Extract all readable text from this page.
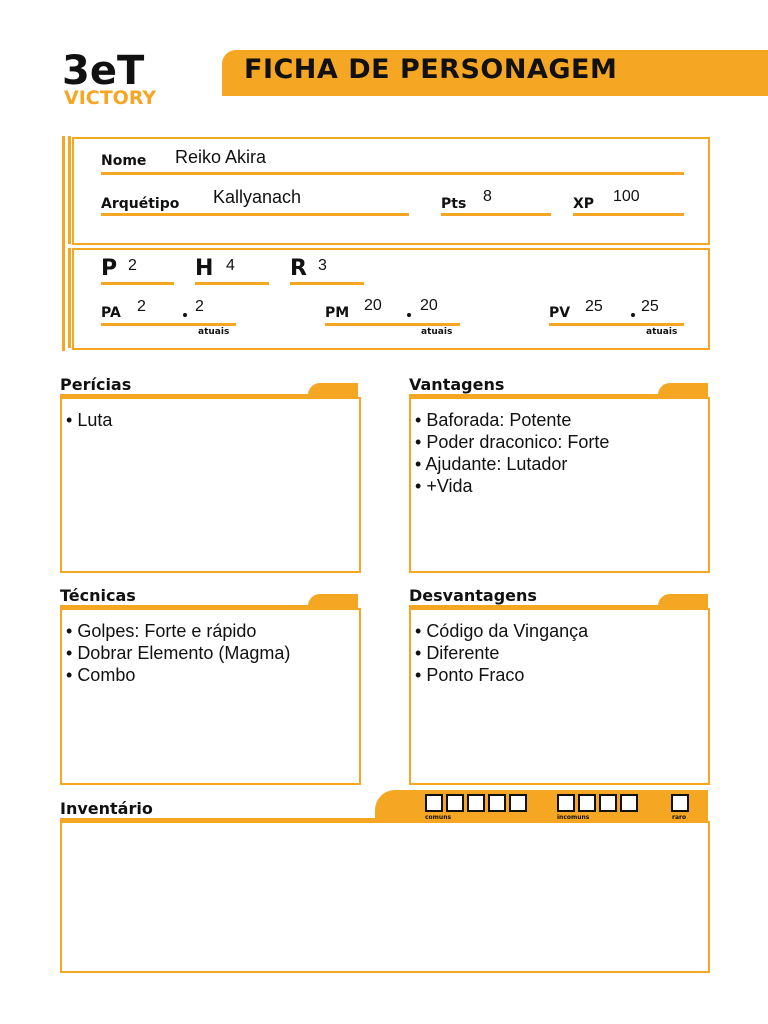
3eT
VICTORY
FICHA DE PERSONAGEM
Nome Reiko Akira
Arquétipo Kallyanach	Pts 8	XP 100
P 2	H 4	R 3
PA 2	2
atuais
PM 20 20
atuais
PV 25 25
atuais
Perícias
• Luta
Vantagens
• Baforada: Potente
• Poder draconico: Forte
• Ajudante: Lutador
• +Vida
Técnicas
• Golpes: Forte e rápido
• Dobrar Elemento (Magma)
• Combo
Desvantagens
• Código da Vingança
• Diferente
• Ponto Fraco
Inventário	comuns	incomuns	raro
